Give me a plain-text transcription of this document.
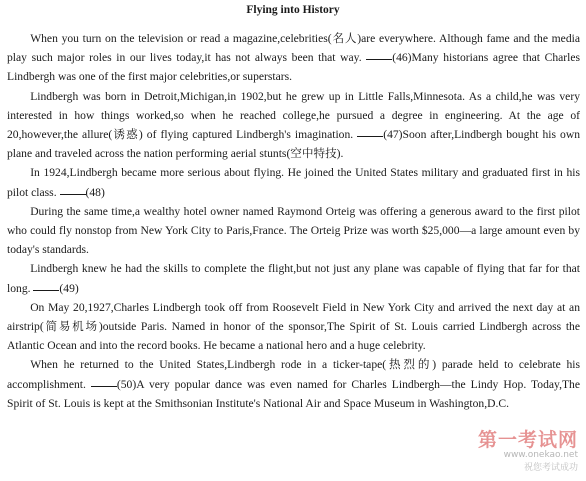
Flying into History

When you turn on the television or read a magazine,celebrities(名人)are everywhere. Although fame and the media play such major roles in our lives today,it has not always been that way. (46)Many historians agree that Charles Lindbergh was one of the first major celebrities,or superstars.

Lindbergh was born in Detroit,Michigan,in 1902,but he grew up in Little Falls,Minnesota. As a child,he was very interested in how things worked,so when he reached college,he pursued a degree in engineering. At the age of 20,however,the allure(诱惑) of flying captured Lindbergh's imagination. (47)Soon after,Lindbergh bought his own plane and traveled across the nation performing aerial stunts(空中特技).

In 1924,Lindbergh became more serious about flying. He joined the United States military and graduated first in his pilot class. (48)

During the same time,a wealthy hotel owner named Raymond Orteig was offering a generous award to the first pilot who could fly nonstop from New York City to Paris,France. The Orteig Prize was worth $25,000—a large amount even by today's standards.

Lindbergh knew he had the skills to complete the flight,but not just any plane was capable of flying that far for that long. (49)

On May 20,1927,Charles Lindbergh took off from Roosevelt Field in New York City and arrived the next day at an airstrip(简易机场)outside Paris. Named in honor of the sponsor,The Spirit of St. Louis carried Lindbergh across the Atlantic Ocean and into the record books. He became a national hero and a huge celebrity.

When he returned to the United States,Lindbergh rode in a ticker-tape(热烈的) parade held to celebrate his accomplishment. (50)A very popular dance was even named for Charles Lindbergh—the Lindy Hop. Today,The Spirit of St. Louis is kept at the Smithsonian Institute's National Air and Space Museum in Washington,D.C.

第一考试网
www.onekao.net
祝您考试成功
